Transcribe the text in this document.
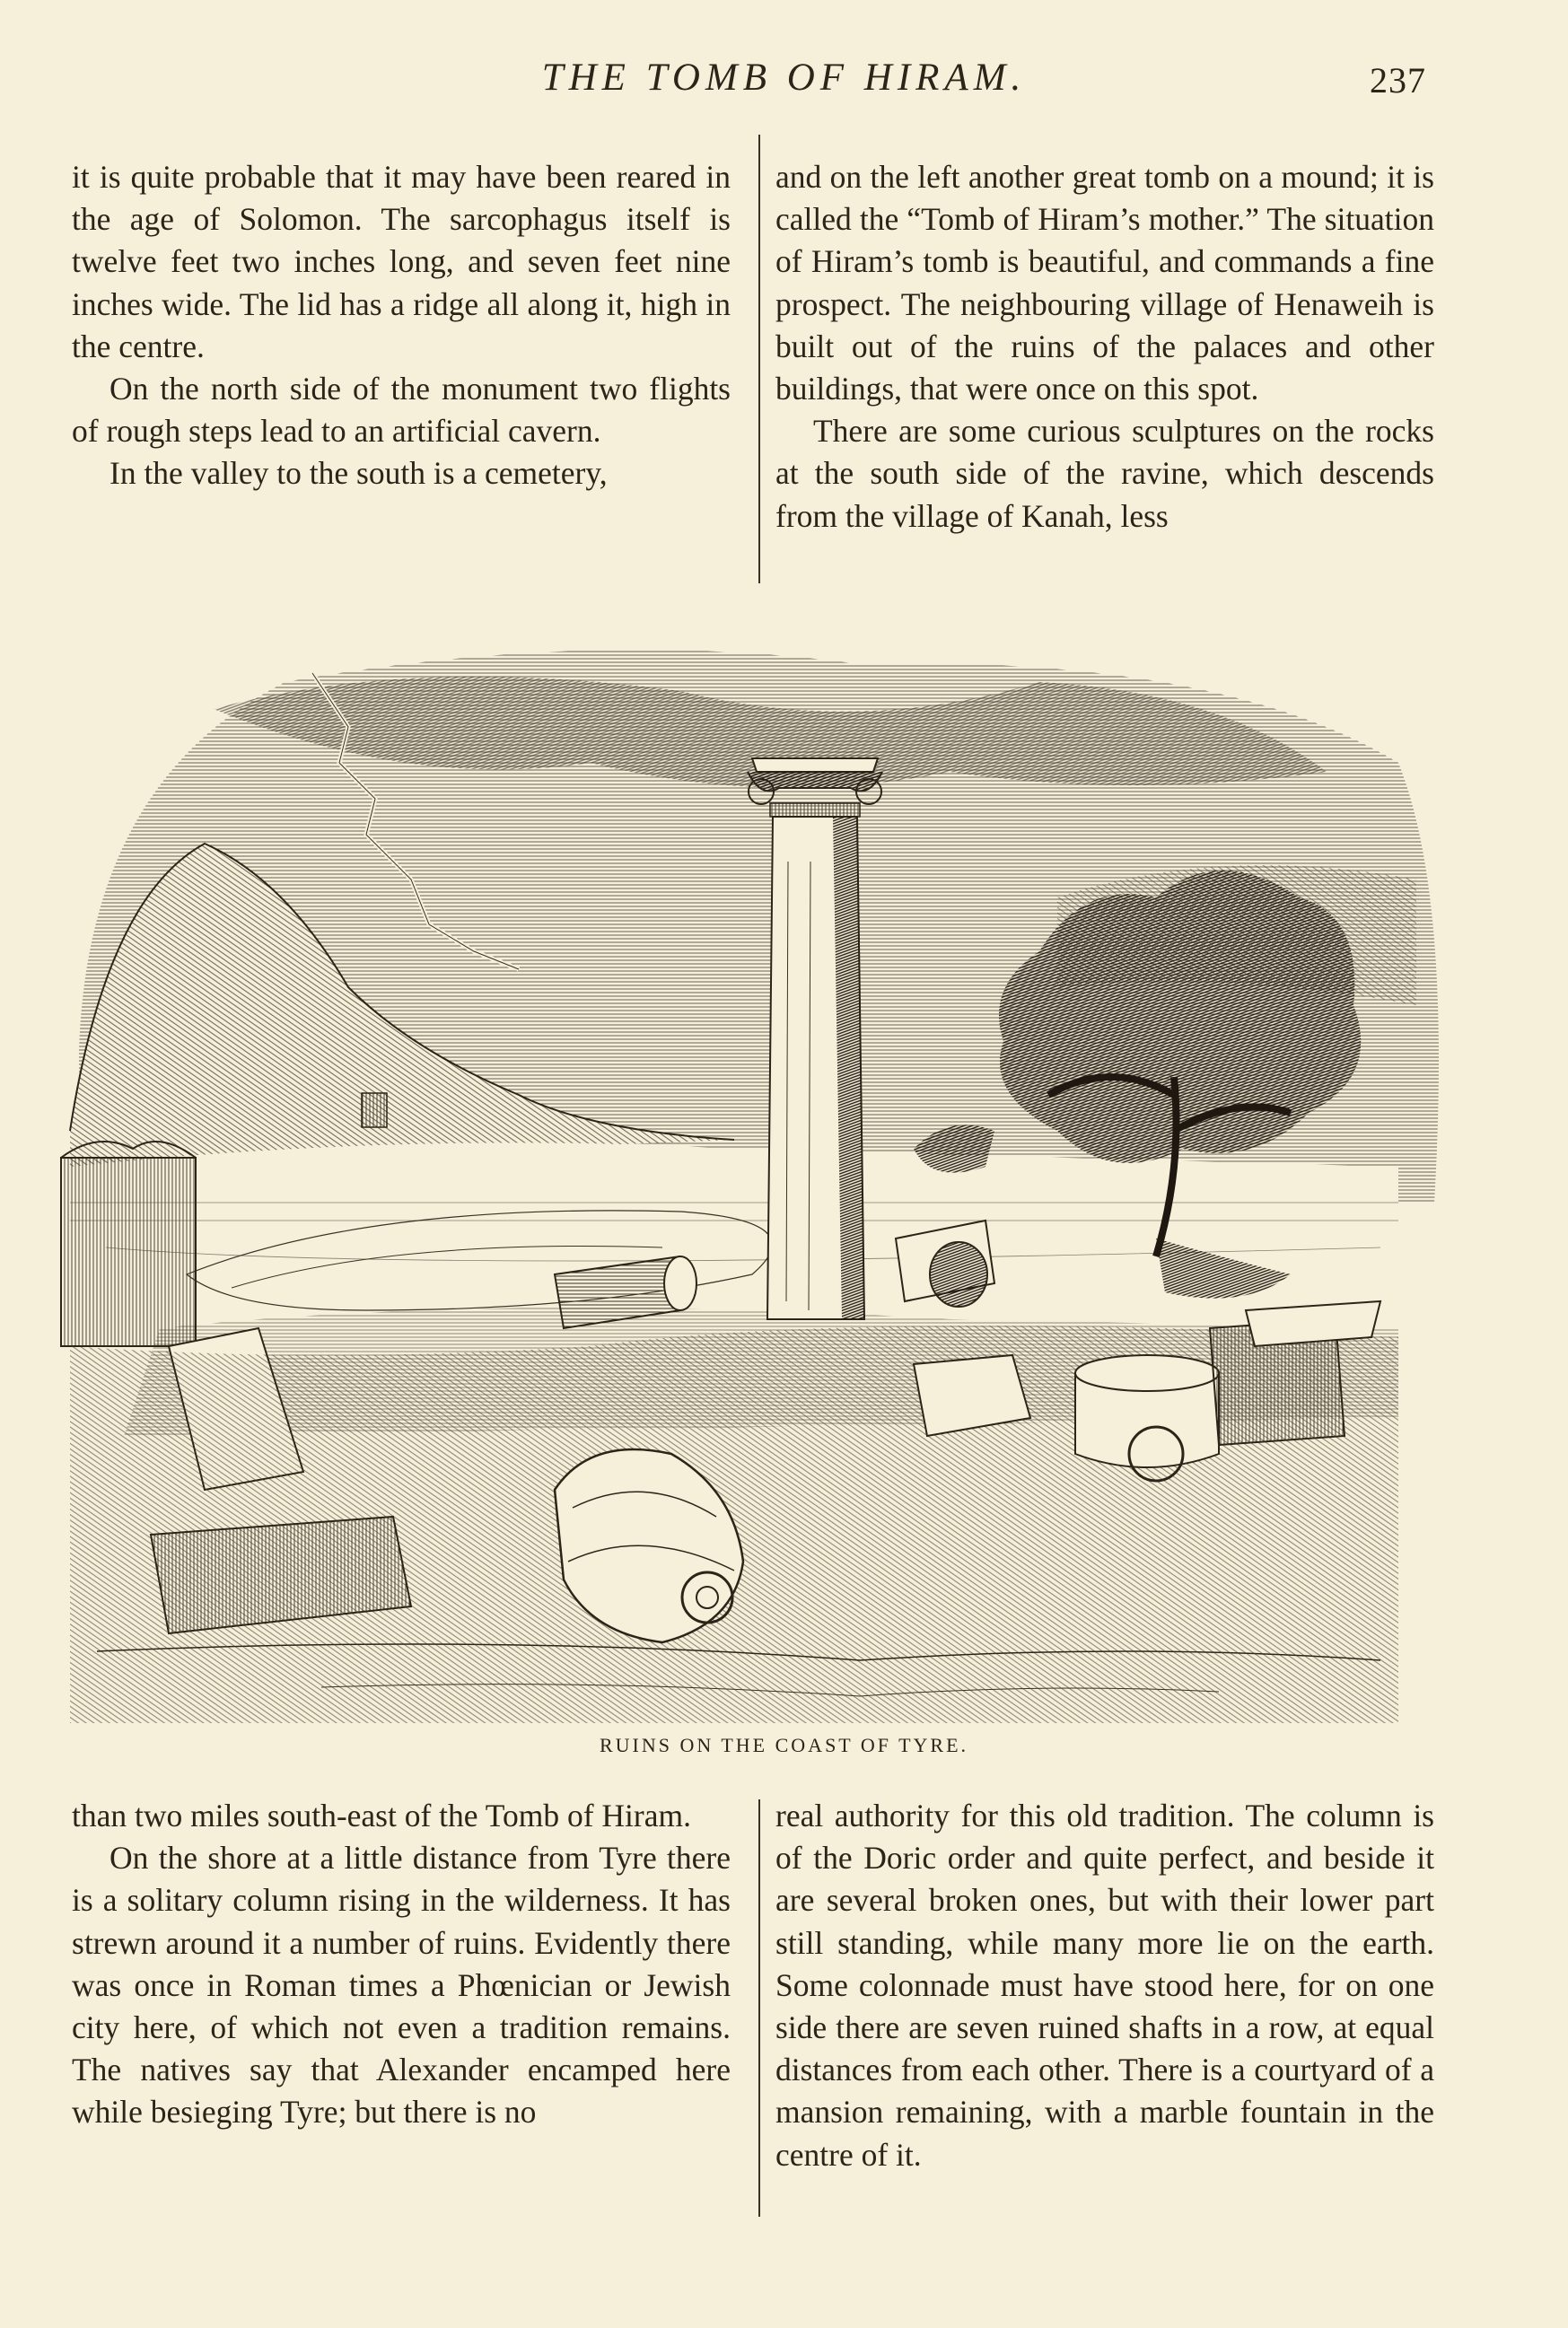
THE TOMB OF HIRAM.	237

it is quite probable that it may have been reared in the age of Solomon. The sarcophagus itself is twelve feet two inches long, and seven feet nine inches wide. The lid has a ridge all along it, high in the centre.

On the north side of the monument two flights of rough steps lead to an artificial cavern.

In the valley to the south is a cemetery,

and on the left another great tomb on a mound; it is called the “Tomb of Hiram’s mother.” The situation of Hiram’s tomb is beautiful, and commands a fine prospect. The neighbouring village of Henaweih is built out of the ruins of the palaces and other buildings, that were once on this spot.

There are some curious sculptures on the rocks at the south side of the ravine, which descends from the village of Kanah, less

RUINS ON THE COAST OF TYRE.

than two miles south-east of the Tomb of Hiram.

On the shore at a little distance from Tyre there is a solitary column rising in the wilderness. It has strewn around it a number of ruins. Evidently there was once in Roman times a Phœnician or Jewish city here, of which not even a tradition remains. The natives say that Alexander encamped here while besieging Tyre; but there is no

real authority for this old tradition. The column is of the Doric order and quite perfect, and beside it are several broken ones, but with their lower part still standing, while many more lie on the earth. Some colonnade must have stood here, for on one side there are seven ruined shafts in a row, at equal distances from each other. There is a courtyard of a mansion remaining, with a marble fountain in the centre of it.
